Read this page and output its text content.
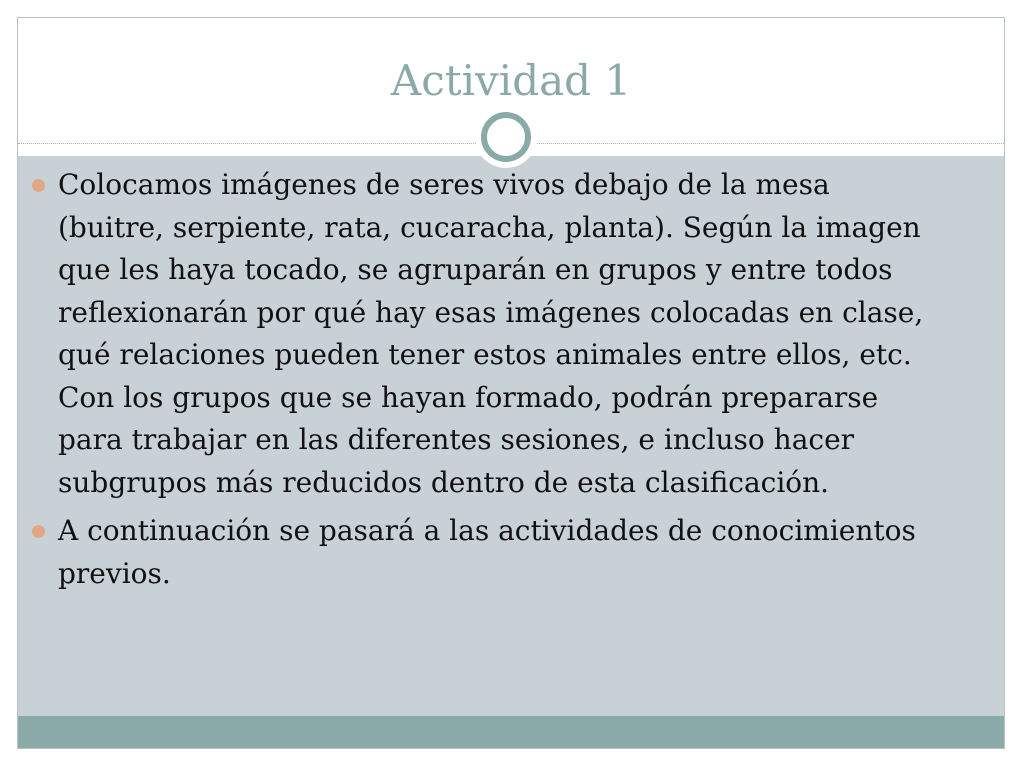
Actividad 1
Colocamos imágenes de seres vivos debajo de la mesa (buitre, serpiente, rata, cucaracha, planta). Según la imagen que les haya tocado, se agruparán en grupos y entre todos reflexionarán por qué hay esas imágenes colocadas en clase, qué relaciones pueden tener estos animales entre ellos, etc. Con los grupos que se hayan formado, podrán prepararse para trabajar en las diferentes sesiones, e incluso hacer subgrupos más reducidos dentro de esta clasificación.
A continuación se pasará a las actividades de conocimientos previos.
